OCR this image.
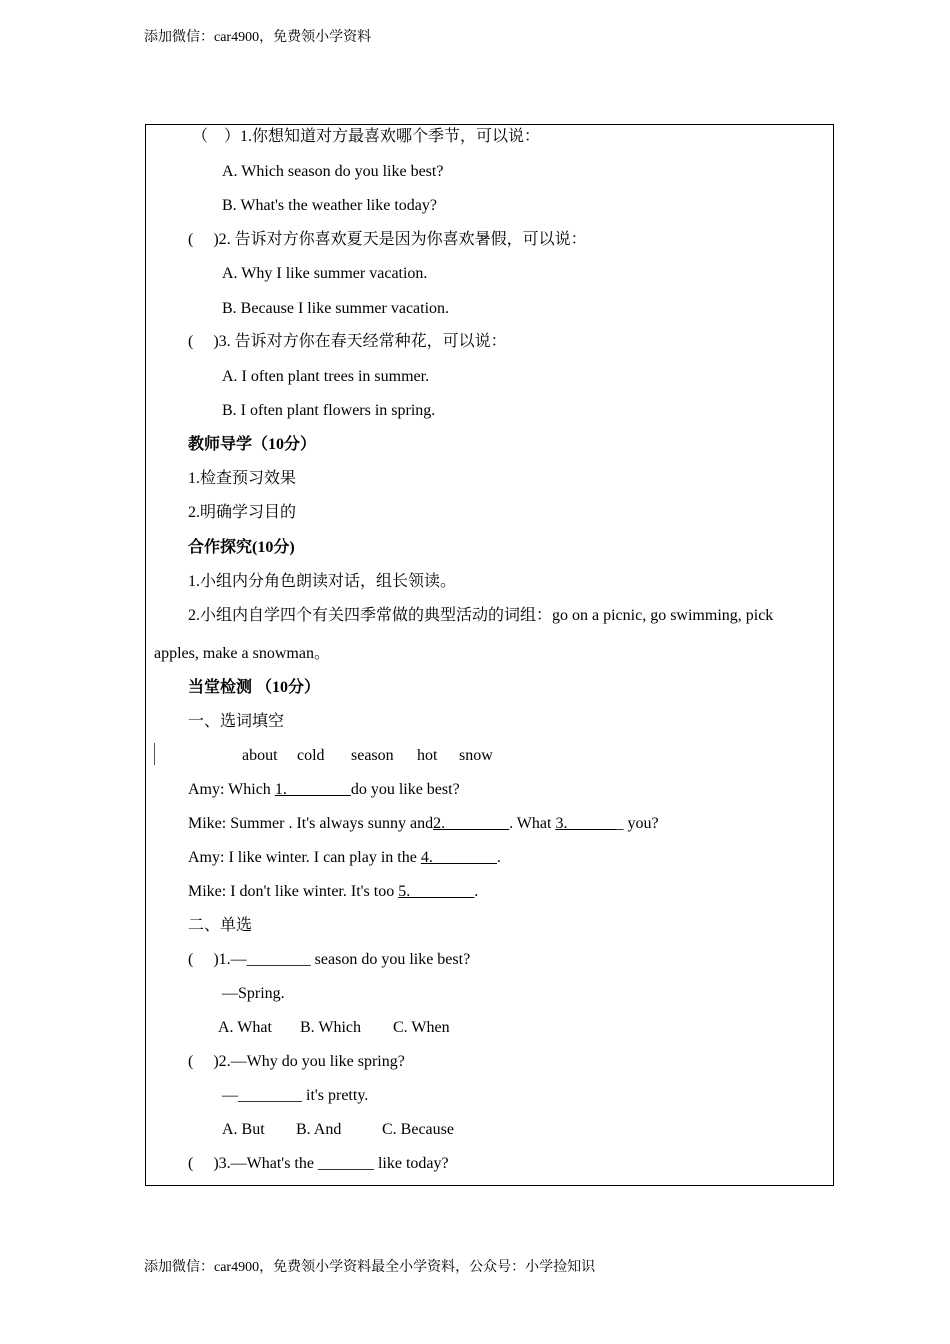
添加微信：car4900，免费领小学资料
（　）1.你想知道对方最喜欢哪个季节，可以说：
A. Which season do you like best?
B. What's the weather like today?
(　 )2. 告诉对方你喜欢夏天是因为你喜欢暑假，可以说：
A. Why I like summer vacation.
B. Because I like summer vacation.
(　 )3. 告诉对方你在春天经常种花，可以说：
A. I often plant trees in summer.
B. I often plant flowers in spring.
教师导学（10分）
1.检查预习效果
2.明确学习目的
合作探究(10分)
1.小组内分角色朗读对话，组长领读。
2.小组内自学四个有关四季常做的典型活动的词组：go on a picnic, go swimming, pick
apples, make a snowman。
当堂检测 （10分）
一、选词填空
about cold season hot snow
Amy: Which 1.________do you like best?
Mike: Summer . It's always sunny and2.________. What 3._______ you?
Amy: I like winter. I can play in the 4.________.
Mike: I don't like winter. It's too 5.________.
二、单选
(　 )1.—________ season do you like best?
—Spring.
A. What B. Which C. When
(　 )2.—Why do you like spring?
—________ it's pretty.
A. But B. And	C. Because
(　 )3.—What's the _______ like today?
添加微信：car4900，免费领小学资料最全小学资料，公众号：小学捡知识
